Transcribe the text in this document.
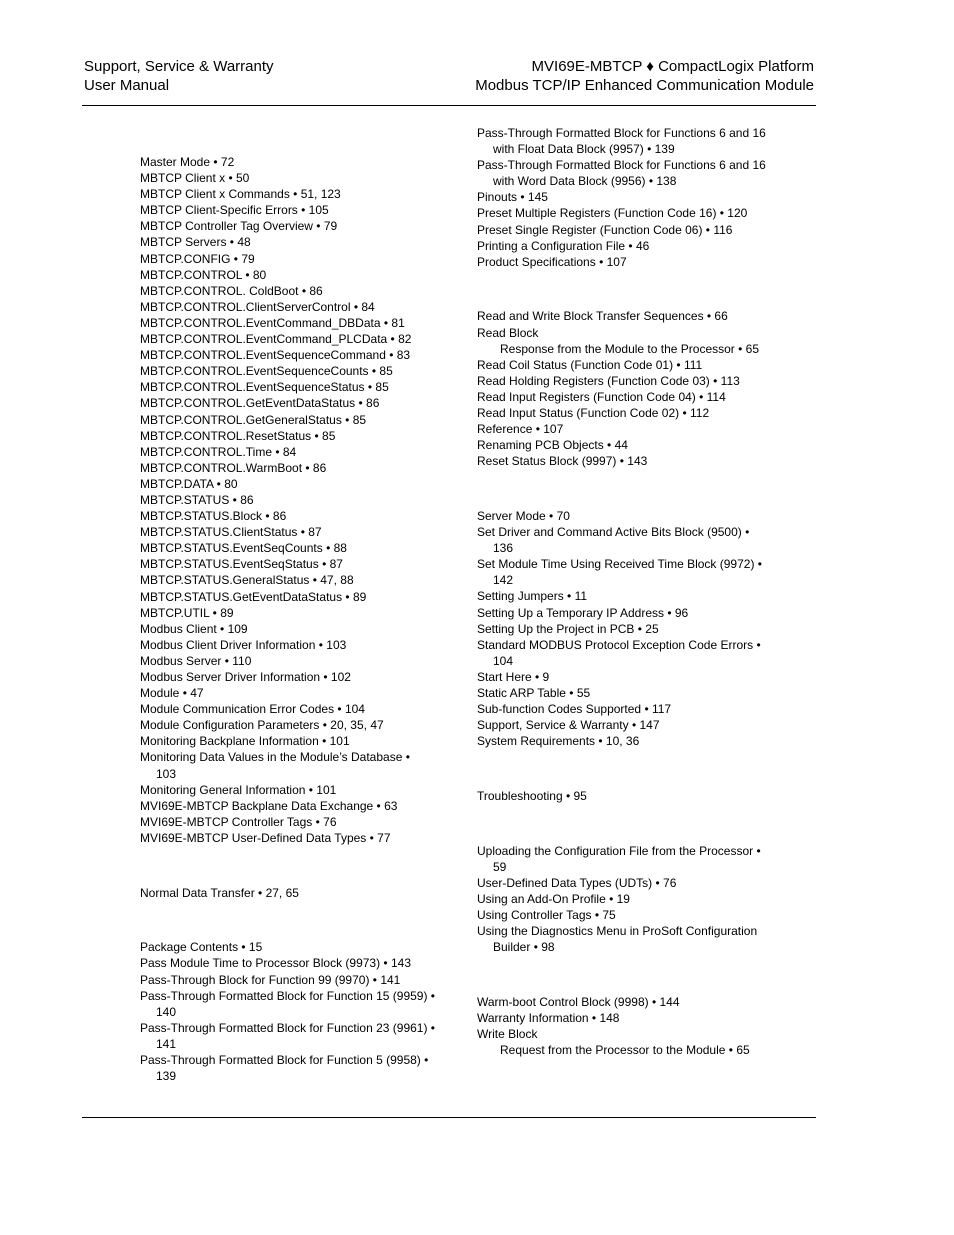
Support, Service & Warranty
User Manual
MVI69E-MBTCP ♦ CompactLogix Platform
Modbus TCP/IP Enhanced Communication Module
Master Mode • 72
MBTCP Client x • 50
MBTCP Client x Commands • 51, 123
MBTCP Client-Specific Errors • 105
MBTCP Controller Tag Overview • 79
MBTCP Servers • 48
MBTCP.CONFIG • 79
MBTCP.CONTROL • 80
MBTCP.CONTROL. ColdBoot • 86
MBTCP.CONTROL.ClientServerControl • 84
MBTCP.CONTROL.EventCommand_DBData • 81
MBTCP.CONTROL.EventCommand_PLCData • 82
MBTCP.CONTROL.EventSequenceCommand • 83
MBTCP.CONTROL.EventSequenceCounts • 85
MBTCP.CONTROL.EventSequenceStatus • 85
MBTCP.CONTROL.GetEventDataStatus • 86
MBTCP.CONTROL.GetGeneralStatus • 85
MBTCP.CONTROL.ResetStatus • 85
MBTCP.CONTROL.Time • 84
MBTCP.CONTROL.WarmBoot • 86
MBTCP.DATA • 80
MBTCP.STATUS • 86
MBTCP.STATUS.Block • 86
MBTCP.STATUS.ClientStatus • 87
MBTCP.STATUS.EventSeqCounts • 88
MBTCP.STATUS.EventSeqStatus • 87
MBTCP.STATUS.GeneralStatus • 47, 88
MBTCP.STATUS.GetEventDataStatus • 89
MBTCP.UTIL • 89
Modbus Client • 109
Modbus Client Driver Information • 103
Modbus Server • 110
Modbus Server Driver Information • 102
Module • 47
Module Communication Error Codes • 104
Module Configuration Parameters • 20, 35, 47
Monitoring Backplane Information • 101
Monitoring Data Values in the Module’s Database • 103
Monitoring General Information • 101
MVI69E-MBTCP Backplane Data Exchange • 63
MVI69E-MBTCP Controller Tags • 76
MVI69E-MBTCP User-Defined Data Types • 77
Normal Data Transfer • 27, 65
Package Contents • 15
Pass Module Time to Processor Block (9973) • 143
Pass-Through Block for Function 99 (9970) • 141
Pass-Through Formatted Block for Function 15 (9959) • 140
Pass-Through Formatted Block for Function 23 (9961) • 141
Pass-Through Formatted Block for Function 5 (9958) • 139
Pass-Through Formatted Block for Functions 6 and 16 with Float Data Block (9957) • 139
Pass-Through Formatted Block for Functions 6 and 16 with Word Data Block (9956) • 138
Pinouts • 145
Preset Multiple Registers (Function Code 16) • 120
Preset Single Register (Function Code 06) • 116
Printing a Configuration File • 46
Product Specifications • 107
Read and Write Block Transfer Sequences • 66
Read Block
Response from the Module to the Processor • 65
Read Coil Status (Function Code 01) • 111
Read Holding Registers (Function Code 03) • 113
Read Input Registers (Function Code 04) • 114
Read Input Status (Function Code 02) • 112
Reference • 107
Renaming PCB Objects • 44
Reset Status Block (9997) • 143
Server Mode • 70
Set Driver and Command Active Bits Block (9500) • 136
Set Module Time Using Received Time Block (9972) • 142
Setting Jumpers • 11
Setting Up a Temporary IP Address • 96
Setting Up the Project in PCB • 25
Standard MODBUS Protocol Exception Code Errors • 104
Start Here • 9
Static ARP Table • 55
Sub-function Codes Supported • 117
Support, Service & Warranty • 147
System Requirements • 10, 36
Troubleshooting • 95
Uploading the Configuration File from the Processor • 59
User-Defined Data Types (UDTs) • 76
Using an Add-On Profile • 19
Using Controller Tags • 75
Using the Diagnostics Menu in ProSoft Configuration Builder • 98
Warm-boot Control Block (9998) • 144
Warranty Information • 148
Write Block
Request from the Processor to the Module • 65
